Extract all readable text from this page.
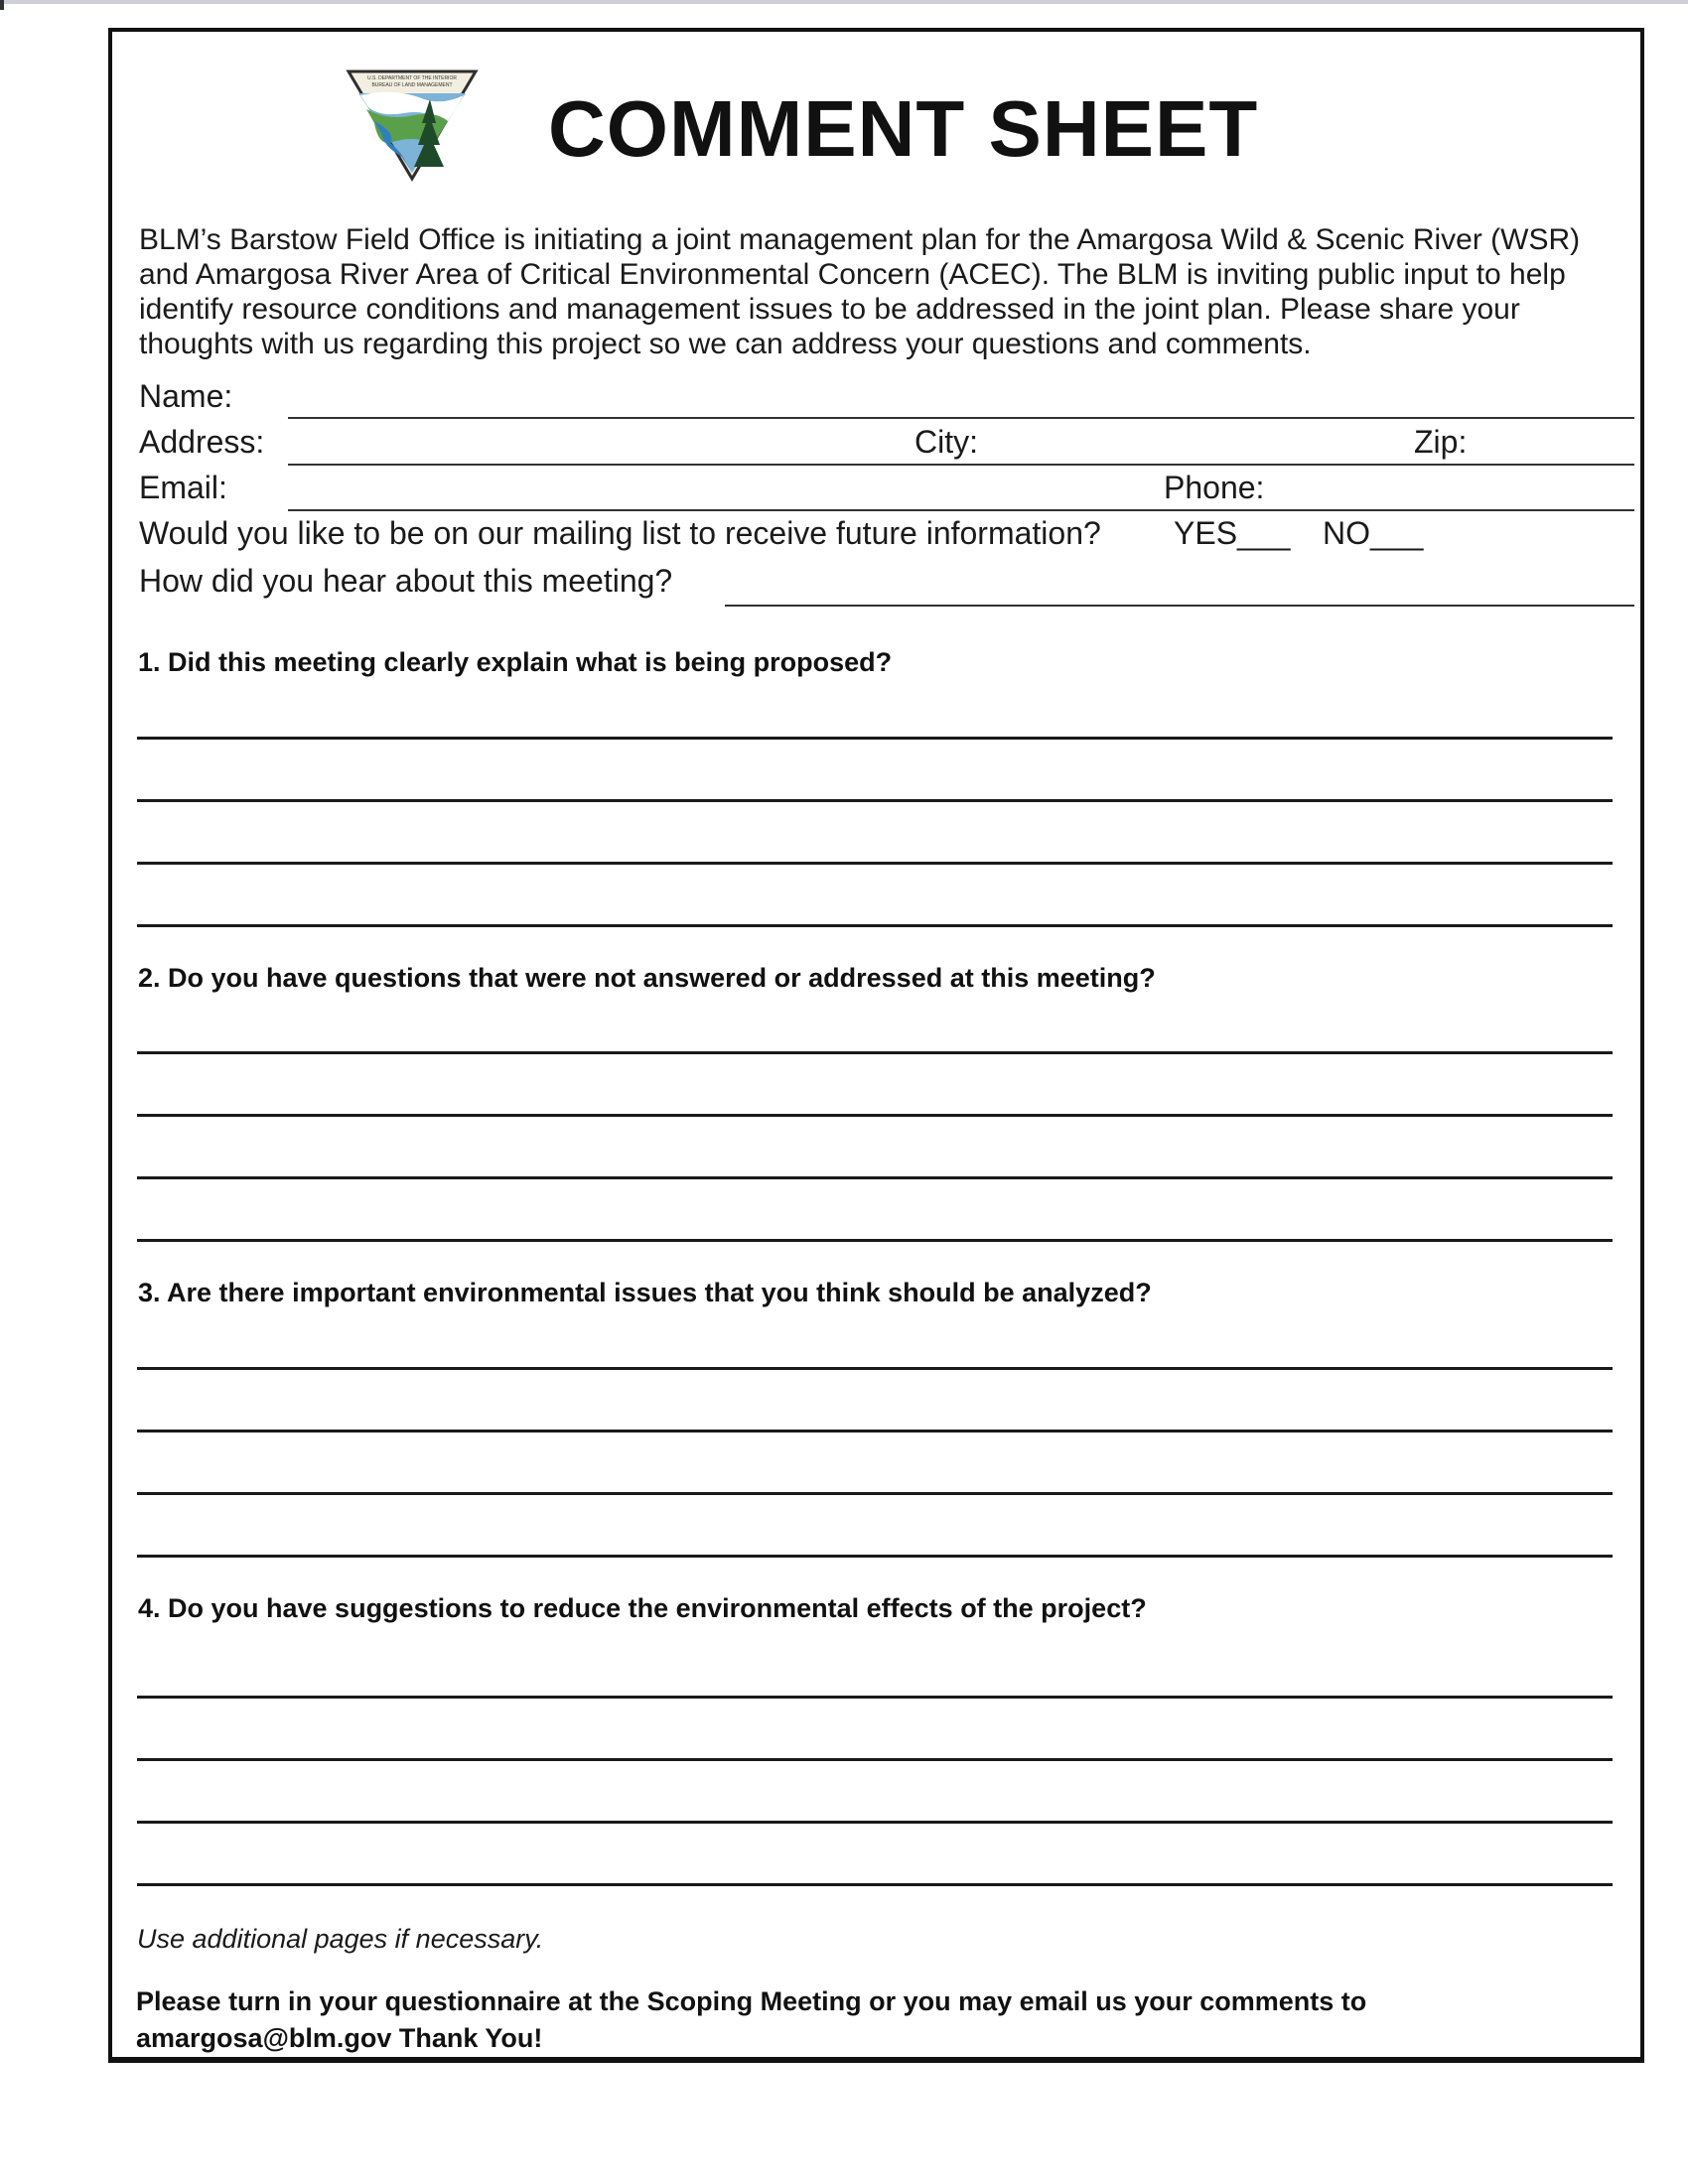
U.S. DEPARTMENT OF THE INTERIOR
BUREAU OF LAND MANAGEMENT COMMENT SHEET
BLM’s Barstow Field Office is initiating a joint management plan for the Amargosa Wild & Scenic River (WSR) and Amargosa River Area of Critical Environmental Concern (ACEC). The BLM is inviting public input to help identify resource conditions and management issues to be addressed in the joint plan. Please share your thoughts with us regarding this project so we can address your questions and comments.
Name:
Address:	City:	Zip:
Email:	Phone:
Would you like to be on our mailing list to receive future information? YES___ NO___
How did you hear about this meeting?
1. Did this meeting clearly explain what is being proposed?
2. Do you have questions that were not answered or addressed at this meeting?
3. Are there important environmental issues that you think should be analyzed?
4. Do you have suggestions to reduce the environmental effects of the project?
Use additional pages if necessary.
Please turn in your questionnaire at the Scoping Meeting or you may email us your comments to
amargosa@blm.gov Thank You!
